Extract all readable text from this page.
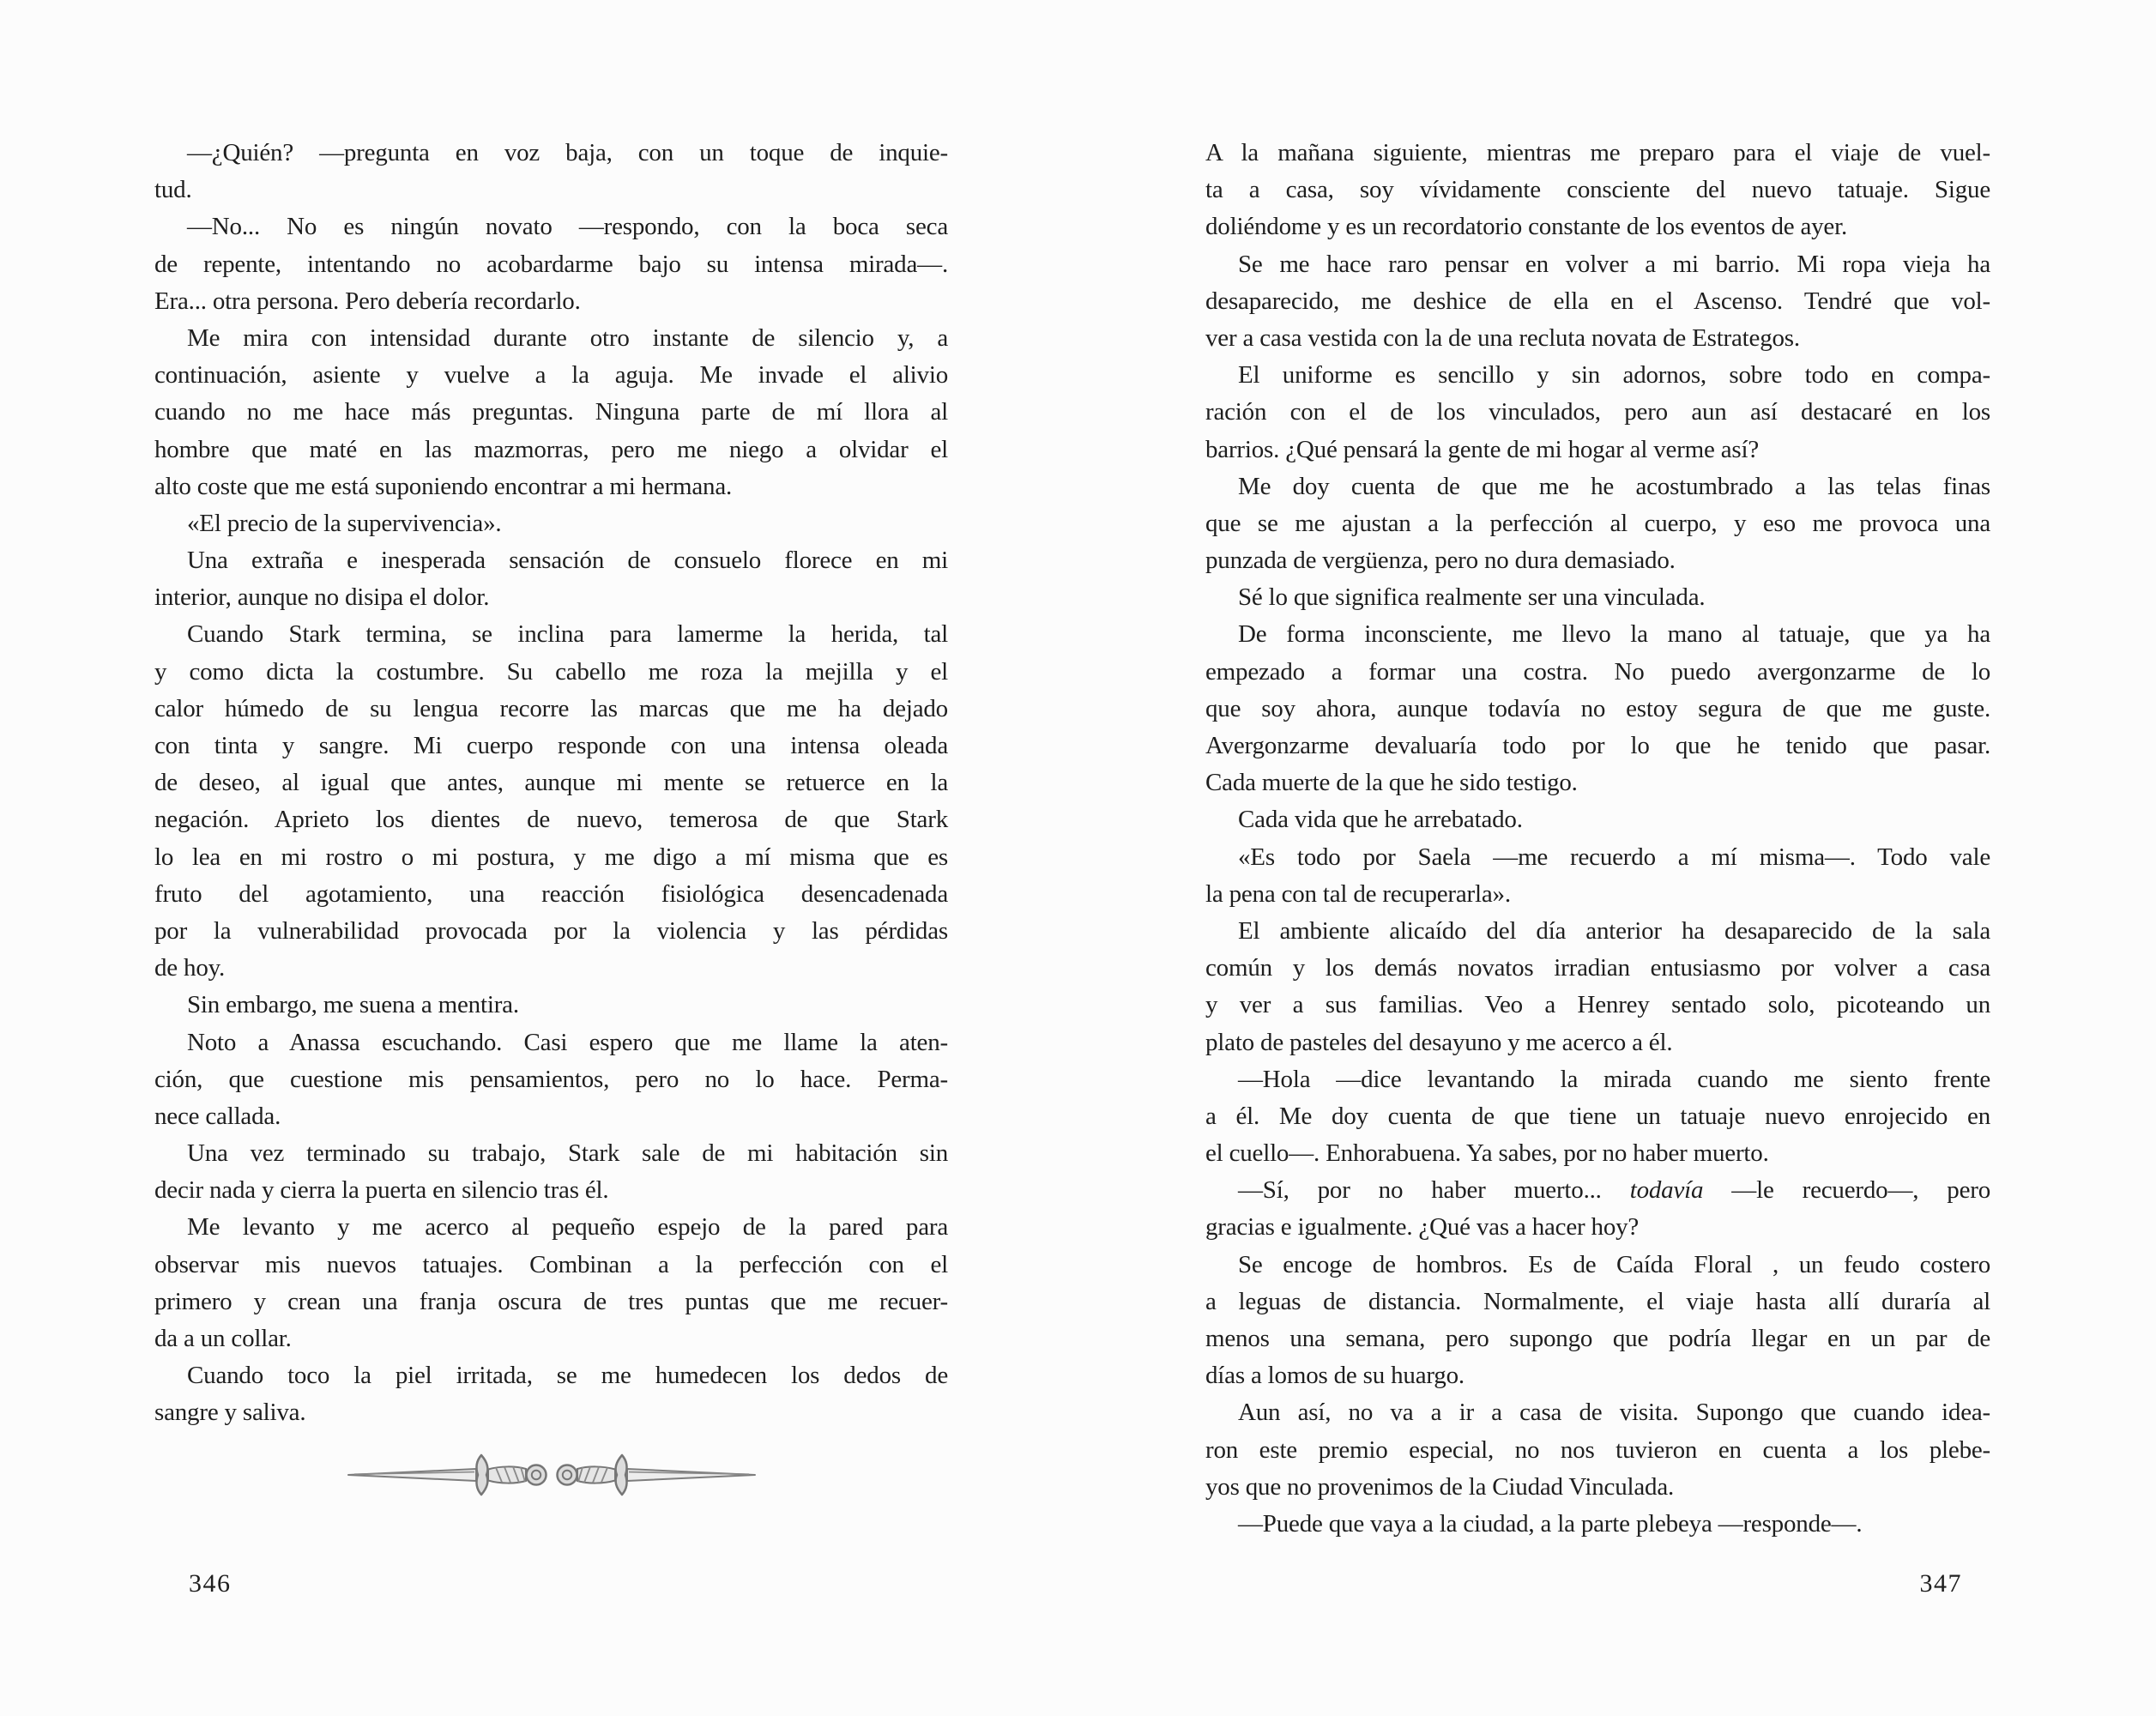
—¿Quién? —pregunta en voz baja, con un toque de inquie-
tud.
—No... No es ningún novato —respondo, con la boca seca
de repente, intentando no acobardarme bajo su intensa mirada—.
Era... otra persona. Pero debería recordarlo.
Me mira con intensidad durante otro instante de silencio y, a
continuación, asiente y vuelve a la aguja. Me invade el alivio
cuando no me hace más preguntas. Ninguna parte de mí llora al
hombre que maté en las mazmorras, pero me niego a olvidar el
alto coste que me está suponiendo encontrar a mi hermana.
«El precio de la supervivencia».
Una extraña e inesperada sensación de consuelo florece en mi
interior, aunque no disipa el dolor.
Cuando Stark termina, se inclina para lamerme la herida, tal
y como dicta la costumbre. Su cabello me roza la mejilla y el
calor húmedo de su lengua recorre las marcas que me ha dejado
con tinta y sangre. Mi cuerpo responde con una intensa oleada
de deseo, al igual que antes, aunque mi mente se retuerce en la
negación. Aprieto los dientes de nuevo, temerosa de que Stark
lo lea en mi rostro o mi postura, y me digo a mí misma que es
fruto del agotamiento, una reacción fisiológica desencadenada
por la vulnerabilidad provocada por la violencia y las pérdidas
de hoy.
Sin embargo, me suena a mentira.
Noto a Anassa escuchando. Casi espero que me llame la aten-
ción, que cuestione mis pensamientos, pero no lo hace. Perma-
nece callada.
Una vez terminado su trabajo, Stark sale de mi habitación sin
decir nada y cierra la puerta en silencio tras él.
Me levanto y me acerco al pequeño espejo de la pared para
observar mis nuevos tatuajes. Combinan a la perfección con el
primero y crean una franja oscura de tres puntas que me recuer-
da a un collar.
Cuando toco la piel irritada, se me humedecen los dedos de
sangre y saliva.
A la mañana siguiente, mientras me preparo para el viaje de vuel-
ta a casa, soy vívidamente consciente del nuevo tatuaje. Sigue
doliéndome y es un recordatorio constante de los eventos de ayer.
Se me hace raro pensar en volver a mi barrio. Mi ropa vieja ha
desaparecido, me deshice de ella en el Ascenso. Tendré que vol-
ver a casa vestida con la de una recluta novata de Estrategos.
El uniforme es sencillo y sin adornos, sobre todo en compa-
ración con el de los vinculados, pero aun así destacaré en los
barrios. ¿Qué pensará la gente de mi hogar al verme así?
Me doy cuenta de que me he acostumbrado a las telas finas
que se me ajustan a la perfección al cuerpo, y eso me provoca una
punzada de vergüenza, pero no dura demasiado.
Sé lo que significa realmente ser una vinculada.
De forma inconsciente, me llevo la mano al tatuaje, que ya ha
empezado a formar una costra. No puedo avergonzarme de lo
que soy ahora, aunque todavía no estoy segura de que me guste.
Avergonzarme devaluaría todo por lo que he tenido que pasar.
Cada muerte de la que he sido testigo.
Cada vida que he arrebatado.
«Es todo por Saela —me recuerdo a mí misma—. Todo vale
la pena con tal de recuperarla».
El ambiente alicaído del día anterior ha desaparecido de la sala
común y los demás novatos irradian entusiasmo por volver a casa
y ver a sus familias. Veo a Henrey sentado solo, picoteando un
plato de pasteles del desayuno y me acerco a él.
—Hola —dice levantando la mirada cuando me siento frente
a él. Me doy cuenta de que tiene un tatuaje nuevo enrojecido en
el cuello—. Enhorabuena. Ya sabes, por no haber muerto.
—Sí, por no haber muerto... todavía —le recuerdo—, pero
gracias e igualmente. ¿Qué vas a hacer hoy?
Se encoge de hombros. Es de Caída Floral , un feudo costero
a leguas de distancia. Normalmente, el viaje hasta allí duraría al
menos una semana, pero supongo que podría llegar en un par de
días a lomos de su huargo.
Aun así, no va a ir a casa de visita. Supongo que cuando idea-
ron este premio especial, no nos tuvieron en cuenta a los plebe-
yos que no provenimos de la Ciudad Vinculada.
—Puede que vaya a la ciudad, a la parte plebeya —responde—.
346	347
